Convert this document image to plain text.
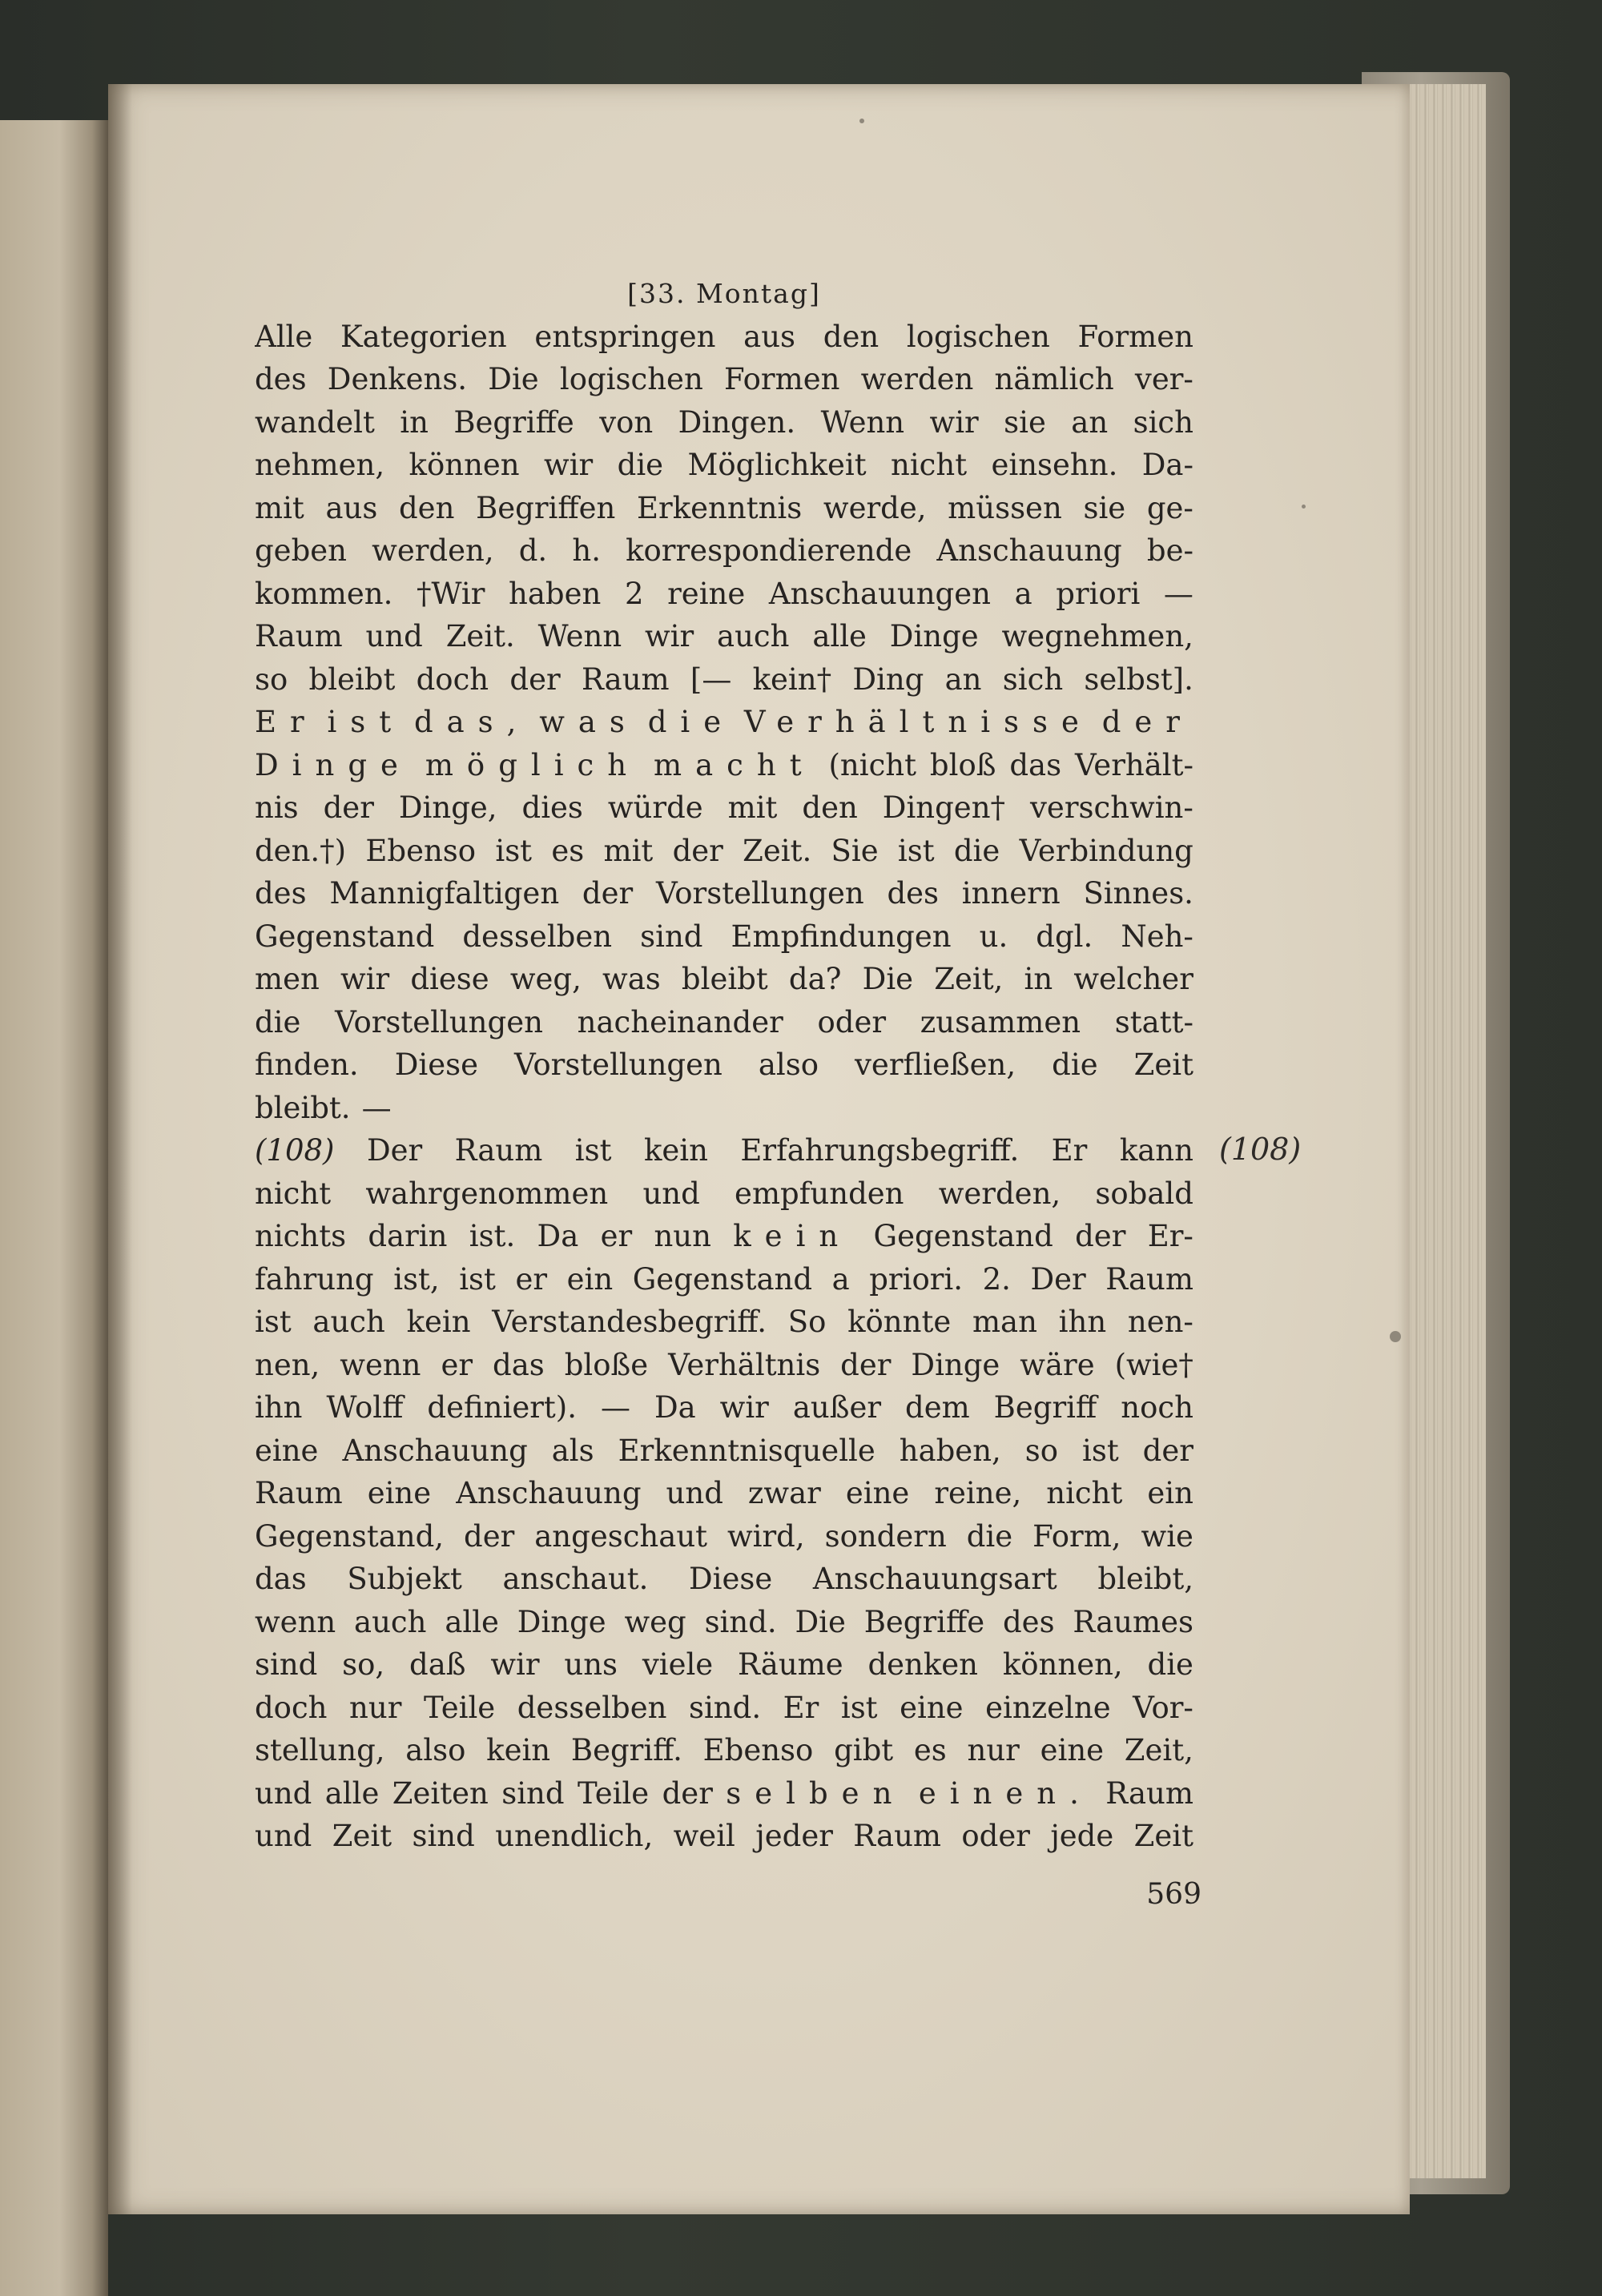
[33. Montag]
Alle Kategorien entspringen aus den logischen Formen
des Denkens. Die logischen Formen werden nämlich ver-
wandelt in Begriffe von Dingen. Wenn wir sie an sich
nehmen, können wir die Möglichkeit nicht einsehn. Da-
mit aus den Begriffen Erkenntnis werde, müssen sie ge-
geben werden, d. h. korrespondierende Anschauung be-
kommen. †Wir haben 2 reine Anschauungen a priori —
Raum und Zeit. Wenn wir auch alle Dinge wegnehmen,
so bleibt doch der Raum [— kein† Ding an sich selbst].
Er ist das, was die Verhältnisse der
Dinge möglich macht (nicht bloß das Verhält-
nis der Dinge, dies würde mit den Dingen† verschwin-
den.†) Ebenso ist es mit der Zeit. Sie ist die Verbindung
des Mannigfaltigen der Vorstellungen des innern Sinnes.
Gegenstand desselben sind Empfindungen u. dgl. Neh-
men wir diese weg, was bleibt da? Die Zeit, in welcher
die Vorstellungen nacheinander oder zusammen statt-
finden. Diese Vorstellungen also verfließen, die Zeit
bleibt. —
(108) Der Raum ist kein Erfahrungsbegriff. Er kann
nicht wahrgenommen und empfunden werden, sobald
nichts darin ist. Da er nun kein Gegenstand der Er-
fahrung ist, ist er ein Gegenstand a priori. 2. Der Raum
ist auch kein Verstandesbegriff. So könnte man ihn nen-
nen, wenn er das bloße Verhältnis der Dinge wäre (wie†
ihn Wolff definiert). — Da wir außer dem Begriff noch
eine Anschauung als Erkenntnisquelle haben, so ist der
Raum eine Anschauung und zwar eine reine, nicht ein
Gegenstand, der angeschaut wird, sondern die Form, wie
das Subjekt anschaut. Diese Anschauungsart bleibt,
wenn auch alle Dinge weg sind. Die Begriffe des Raumes
sind so, daß wir uns viele Räume denken können, die
doch nur Teile desselben sind. Er ist eine einzelne Vor-
stellung, also kein Begriff. Ebenso gibt es nur eine Zeit,
und alle Zeiten sind Teile der selben einen. Raum
und Zeit sind unendlich, weil jeder Raum oder jede Zeit
(108)
569
